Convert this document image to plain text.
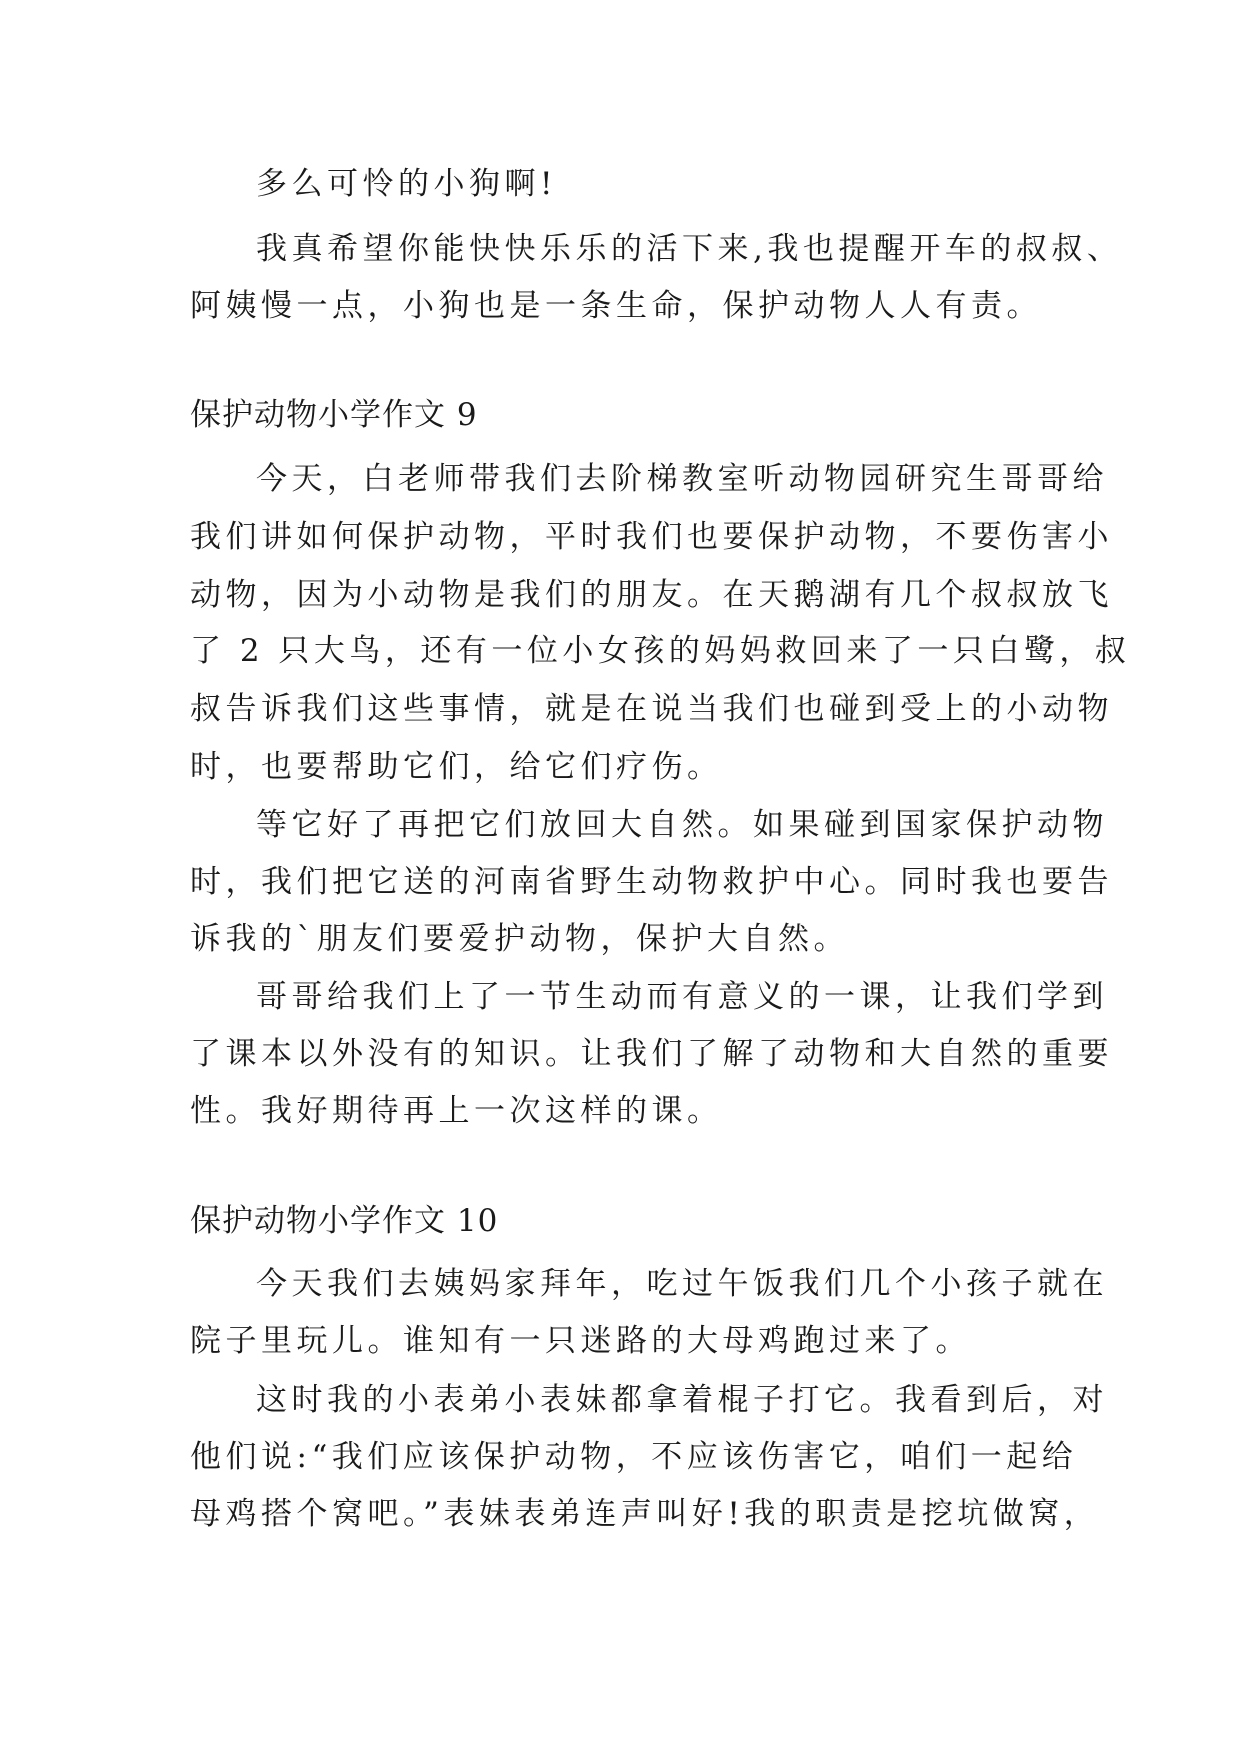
多么可怜的小狗啊!
我真希望你能快快乐乐的活下来,我也提醒开车的叔叔、
阿姨慢一点，小狗也是一条生命，保护动物人人有责。
保护动物小学作文 9
今天，白老师带我们去阶梯教室听动物园研究生哥哥给
我们讲如何保护动物，平时我们也要保护动物，不要伤害小
动物，因为小动物是我们的朋友。在天鹅湖有几个叔叔放飞
了 2 只大鸟，还有一位小女孩的妈妈救回来了一只白鹭，叔
叔告诉我们这些事情，就是在说当我们也碰到受上的小动物
时，也要帮助它们，给它们疗伤。
等它好了再把它们放回大自然。如果碰到国家保护动物
时，我们把它送的河南省野生动物救护中心。同时我也要告
诉我的`朋友们要爱护动物，保护大自然。
哥哥给我们上了一节生动而有意义的一课，让我们学到
了课本以外没有的知识。让我们了解了动物和大自然的重要
性。我好期待再上一次这样的课。
保护动物小学作文 10
今天我们去姨妈家拜年，吃过午饭我们几个小孩子就在
院子里玩儿。谁知有一只迷路的大母鸡跑过来了。
这时我的小表弟小表妹都拿着棍子打它。我看到后，对
他们说:“我们应该保护动物，不应该伤害它，咱们一起给
母鸡搭个窝吧。”表妹表弟连声叫好!我的职责是挖坑做窝，
